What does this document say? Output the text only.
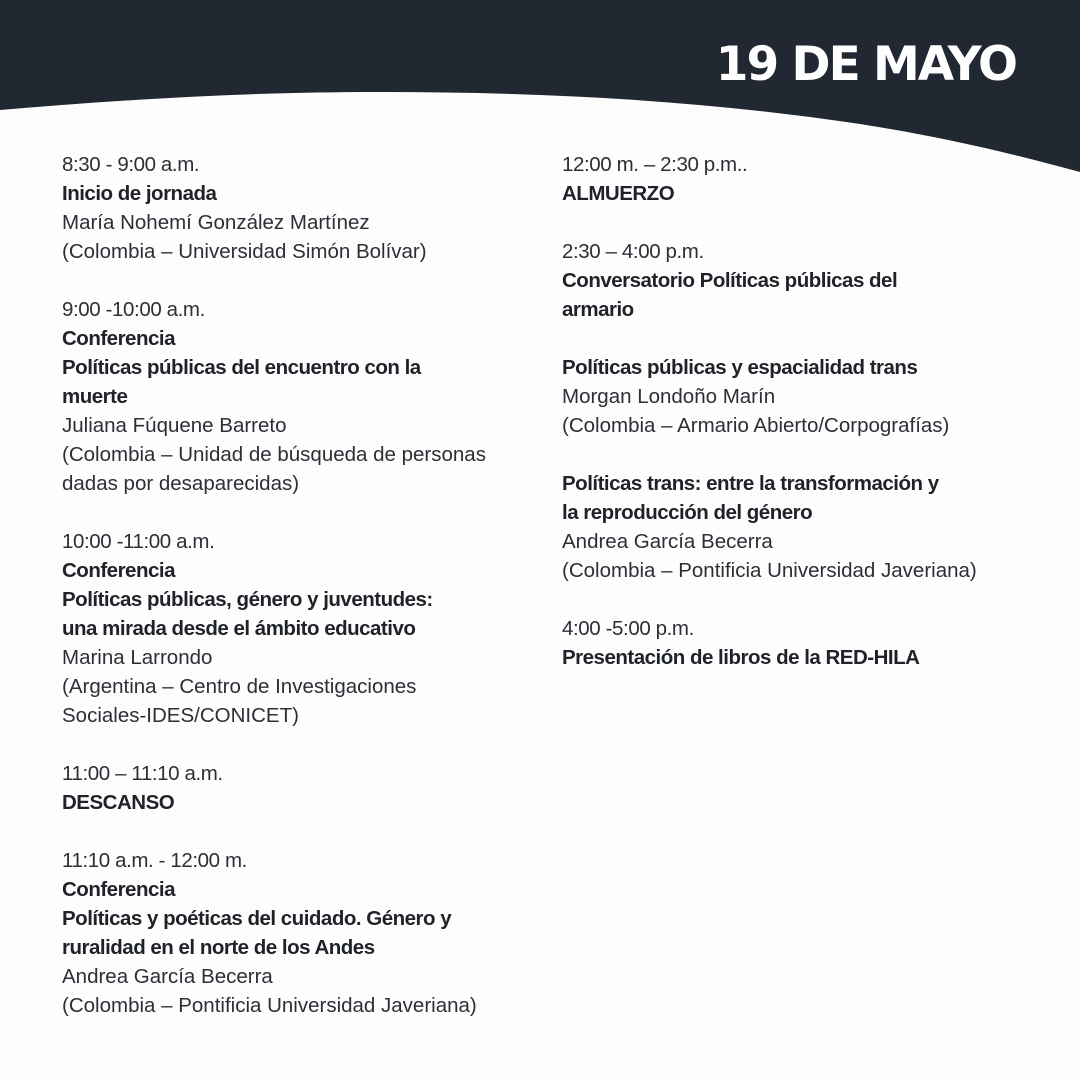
19 DE MAYO
8:30 - 9:00 a.m.
Inicio de jornada
María Nohemí González Martínez
(Colombia – Universidad Simón Bolívar)
9:00 -10:00 a.m.
Conferencia
Políticas públicas del encuentro con la
muerte
Juliana Fúquene Barreto
(Colombia – Unidad de búsqueda de personas
dadas por desaparecidas)
10:00 -11:00 a.m.
Conferencia
Políticas públicas, género y juventudes:
una mirada desde el ámbito educativo
Marina Larrondo
(Argentina – Centro de Investigaciones
Sociales-IDES/CONICET)
11:00 – 11:10 a.m.
DESCANSO
11:10 a.m. - 12:00 m.
Conferencia
Políticas y poéticas del cuidado. Género y
ruralidad en el norte de los Andes
Andrea García Becerra
(Colombia – Pontificia Universidad Javeriana)
12:00 m. – 2:30 p.m..
ALMUERZO
2:30 – 4:00 p.m.
Conversatorio Políticas públicas del
armario
Políticas públicas y espacialidad trans
Morgan Londoño Marín
(Colombia – Armario Abierto/Corpografías)
Políticas trans: entre la transformación y
la reproducción del género
Andrea García Becerra
(Colombia – Pontificia Universidad Javeriana)
4:00 -5:00 p.m.
Presentación de libros de la RED-HILA
